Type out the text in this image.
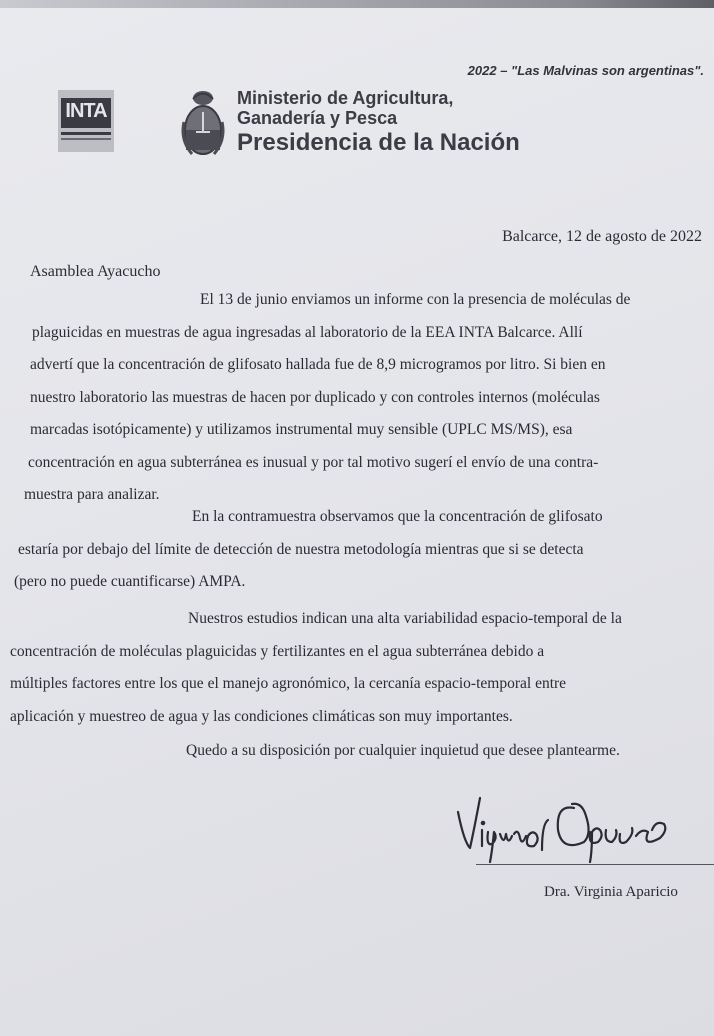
2022 – "Las Malvinas son argentinas".
INTA
Ministerio de Agricultura,
Ganadería y Pesca
Presidencia de la Nación
Balcarce, 12 de agosto de 2022
Asamblea Ayacucho
El 13 de junio enviamos un informe con la presencia de moléculas de
plaguicidas en muestras de agua ingresadas al laboratorio de la EEA INTA Balcarce. Allí
advertí que la concentración de glifosato hallada fue de 8,9 microgramos por litro. Si bien en
nuestro laboratorio las muestras de hacen por duplicado y con controles internos (moléculas
marcadas isotópicamente) y utilizamos instrumental muy sensible (UPLC MS/MS), esa
concentración en agua subterránea es inusual y por tal motivo sugerí el envío de una contra-
muestra para analizar.
En la contramuestra observamos que la concentración de glifosato
estaría por debajo del límite de detección de nuestra metodología mientras que si se detecta
(pero no puede cuantificarse) AMPA.
Nuestros estudios indican una alta variabilidad espacio-temporal de la
concentración de moléculas plaguicidas y fertilizantes en el agua subterránea debido a
múltiples factores entre los que el manejo agronómico, la cercanía espacio-temporal entre
aplicación y muestreo de agua y las condiciones climáticas son muy importantes.
Quedo a su disposición por cualquier inquietud que desee plantearme.
Dra. Virginia Aparicio
